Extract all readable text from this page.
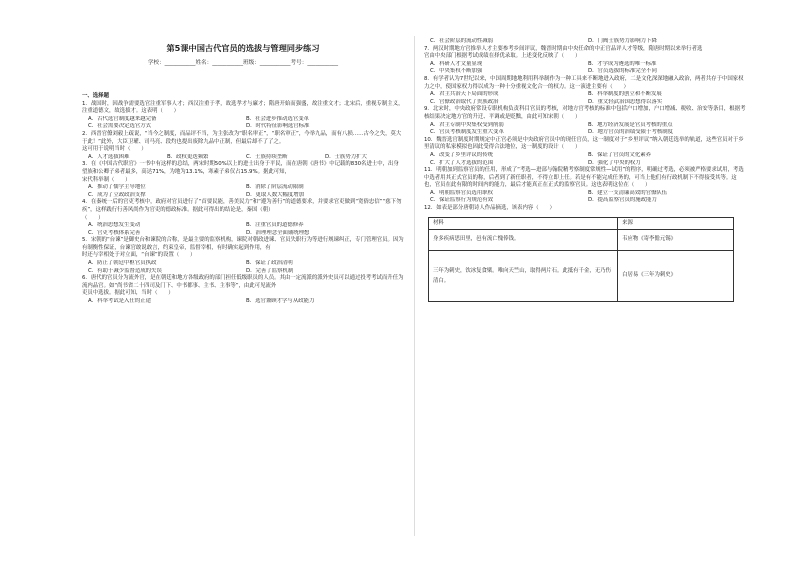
第5课中国古代官员的选拔与管理同步练习
学校：___________姓名：___________班级：___________考号：___________
一、选择题

1．战国时，因战争需要选官注重军事人才；西汉注重于孝，故选孝才与廉才；隋唐开始而强盛，故注重文才；北宋后，重视专制主义，注重道德文，故选拔才。这表明（　　）

A．古代选官制度越来越完备	B．社会进步推动选官变革
C．社会需要决定选官方式	D．时代特征影响选官标准

2．西晋官僚刘毅上疏说，“当今之制度，而品评不当，为主张改为“职名审正”，“职名审正”，今举九品，而有八损……古今之失，莫大于此！”此外，大臣卫瓘、司马亮、段灼也提出废除九品中正制，但最后却不了了之。

这可用于说明当时（　　）

A．人才选拔困难	B．政权更迭频繁	C．士族持续垄断	D．士族势力扩大

3．在《中国古代职官》一书中有这样的总结，两宋时期50%以上的进士出身于平民，而在唐朝《唐书》中记载的830名进士中，出身望族和公卿子弟者最多，高达71%，为地为13.1%，寒素子弟仅占15.9%。据此可知，

宋代科举制（　　）

A．推动了儒学主导地位	B．消除了阶层流动限制
C．成为了立政政治支撑	D．更取人数大幅度增加

4．在秦统一后的官吏考核中，政府对官员进行了“首要民能，善美民力”和“遵为善行”的道德要求，并要求官吏做到“宽俗忠信”“慈下勿疾”，这样践行行善风尚作为官吏的德政标准。据此可得出的结论是，秦国（朝）

（　　）

A．统治思想发生变动	B．注重官员的道德修养
C．官吏考核体系完善	D．治理理念全面铺统理想

5．宋朝的“台谏”是御史台和谏院的合称，是最主要的监察机构，谏院对朝政进谏、官员失职行为等进行规谏纠正，专门管理官员。因为有制衡性保证，台谏官敢说敢言，约束皇帝，监督宰相，有时确实起到作用，有

时还与宰相处于对立面，“台谏”的设置（　　）

A．防止了朝廷中枢官员执政	B．保证了政治清明
C．有助于减少监督造成的失误	D．完善了监察机制

6．唐代的官员分为流外官，是在朝廷和地方各级政府的部门担任低级职员的人员。其由一定流派的派外史员可以通过投考考试而升任为流内品官。如“尚书省二十四司及门下、中书都事、主书、主事等”，由此可见流外

吏员中选拔。据此可知，当时（　　）

A．科举考试是入仕的正途	B．选官兼顾才学与从政能力
C．社会阶层的流动性减弱	D．门阀士族势力影响力下降

7．两汉时期地方官推举人才主要参考乡间评议，魏晋时期由中央任命的中正官品评人才等级，隋唐时期以来举行者选

官由中央部门根据考试成绩在择优录取。上述变化反映了（　　）

A．科研人才文量显现	B．才学成为遴选的唯一标准
C．中央集权不断加强	D．官员选拔的标准完全不同

8．有学者认为7世纪以来，中国周期地地利用科举制作为一种工具来不断地进入政府，二是文化深深地融入政治，两者共存于中国家权力之中，使国家权力得以成为一种十分重视文化合一的权力。这一演进主要有（　　）

A．君主共治天下局面的形成	B．科举制度的创立和不断发展
C．官僚政治取代了贵族政治	D．重文轻武治国思想得以落实

9．北宋时，中央政府常设专职机构负责科目官员的考核，对地方官考核的标准中包括户口增加，户口增减、税收、治安等条目，根据考核结果决定地方官的升迁、平调或是贬黜，由此可知宋朝（　　）

A．君主专制中央集权受到削弱	B．地方经济发展是官员考核的重点
C．官员考核制度发生重大变革	D．地方官员的治绩受限于考核制度

10．魏晋选官制度时期规定中正官必须是中央政府官员中的现任官员，这一制度对于“乡里评议”纳入朝廷选举的轨道，这些官员对于乡里清议的私家模拟也因此受得合法地位，这一制度的设计（　　）

A．改变了乡里评议的传统	B．保证了官员的文化素养
C．扩大了人才选拔的范围	D．强化了中央的权力

11．明朝加到监察官员的任用，形成了“考选—进部与翰院精考察制度常规性—试用”的程序，明确过考选，必须被严格要求试用，考选中选者用其正式官员的称，后者到了新任职者，不得立即上任。若是有不能完成任务的，可当上他们有行政机制下不得接受其等。这也，官员在此有限的时间内的能力，最后才能真正在正式的监察官员。这也表明这位在（　　）

A．明朝监察官员选用职权	B．建立一支清廉高效的官僚队伍
C．保证监察行为规范有效	D．提高监察官员的施政能力

12．如表是部分唐朝诗人作品摘选，该表内容（　　）

材料	来源
身多疾病思田里，邑有流亡愧俸钱。	韦应物《寄李儋元锡》
三年为刺史，饮冰复食檗。唯向天竺山，取得两片石。此抵有千金，无乃伤清白。	白居易《三年为刺史》
